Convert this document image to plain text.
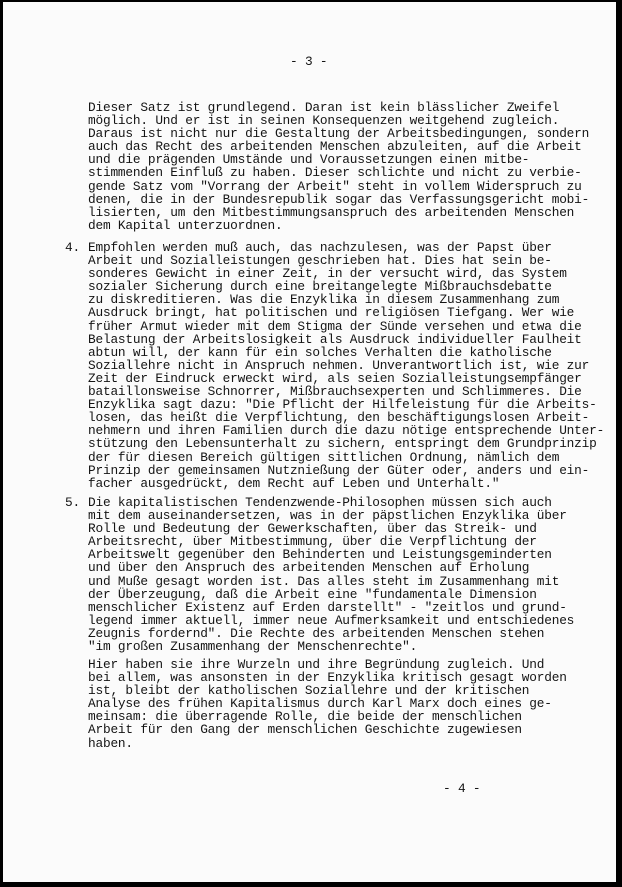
- 3 -

Dieser Satz ist grundlegend. Daran ist kein blässlicher Zweifel
möglich. Und er ist in seinen Konsequenzen weitgehend zugleich.
Daraus ist nicht nur die Gestaltung der Arbeitsbedingungen, sondern
auch das Recht des arbeitenden Menschen abzuleiten, auf die Arbeit
und die prägenden Umstände und Voraussetzungen einen mitbe-
stimmenden Einfluß zu haben. Dieser schlichte und nicht zu verbie-
gende Satz vom "Vorrang der Arbeit" steht in vollem Widerspruch zu
denen, die in der Bundesrepublik sogar das Verfassungsgericht mobi-
lisierten, um den Mitbestimmungsanspruch des arbeitenden Menschen
dem Kapital unterzuordnen.

4. Empfohlen werden muß auch, das nachzulesen, was der Papst über
Arbeit und Sozialleistungen geschrieben hat. Dies hat sein be-
sonderes Gewicht in einer Zeit, in der versucht wird, das System
sozialer Sicherung durch eine breitangelegte Mißbrauchsdebatte
zu diskreditieren. Was die Enzyklika in diesem Zusammenhang zum
Ausdruck bringt, hat politischen und religiösen Tiefgang. Wer wie
früher Armut wieder mit dem Stigma der Sünde versehen und etwa die
Belastung der Arbeitslosigkeit als Ausdruck individueller Faulheit
abtun will, der kann für ein solches Verhalten die katholische
Soziallehre nicht in Anspruch nehmen. Unverantwortlich ist, wie zur
Zeit der Eindruck erweckt wird, als seien Sozialleistungsempfänger
bataillonsweise Schnorrer, Mißbrauchsexperten und Schlimmeres. Die
Enzyklika sagt dazu: "Die Pflicht der Hilfeleistung für die Arbeits-
losen, das heißt die Verpflichtung, den beschäftigungslosen Arbeit-
nehmern und ihren Familien durch die dazu nötige entsprechende Unter-
stützung den Lebensunterhalt zu sichern, entspringt dem Grundprinzip
der für diesen Bereich gültigen sittlichen Ordnung, nämlich dem
Prinzip der gemeinsamen Nutznießung der Güter oder, anders und ein-
facher ausgedrückt, dem Recht auf Leben und Unterhalt."

5. Die kapitalistischen Tendenzwende-Philosophen müssen sich auch
mit dem auseinandersetzen, was in der päpstlichen Enzyklika über
Rolle und Bedeutung der Gewerkschaften, über das Streik- und
Arbeitsrecht, über Mitbestimmung, über die Verpflichtung der
Arbeitswelt gegenüber den Behinderten und Leistungsgeminderten
und über den Anspruch des arbeitenden Menschen auf Erholung
und Muße gesagt worden ist. Das alles steht im Zusammenhang mit
der Überzeugung, daß die Arbeit eine "fundamentale Dimension
menschlicher Existenz auf Erden darstellt" - "zeitlos und grund-
legend immer aktuell, immer neue Aufmerksamkeit und entschiedenes
Zeugnis fordernd". Die Rechte des arbeitenden Menschen stehen
"im großen Zusammenhang der Menschenrechte".

Hier haben sie ihre Wurzeln und ihre Begründung zugleich. Und
bei allem, was ansonsten in der Enzyklika kritisch gesagt worden
ist, bleibt der katholischen Soziallehre und der kritischen
Analyse des frühen Kapitalismus durch Karl Marx doch eines ge-
meinsam: die überragende Rolle, die beide der menschlichen
Arbeit für den Gang der menschlichen Geschichte zugewiesen
haben.

- 4 -
